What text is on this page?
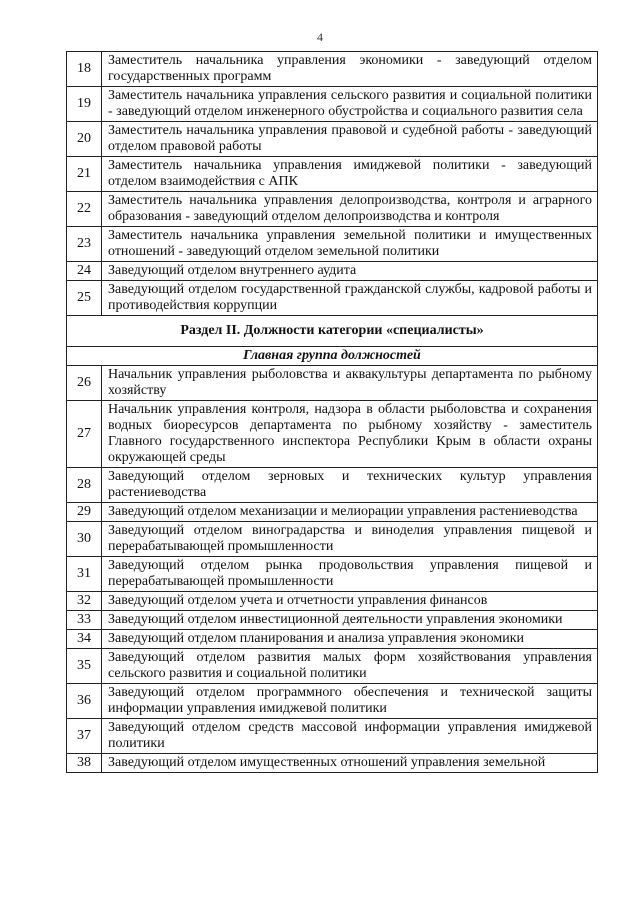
4
18	Заместитель начальника управления экономики - заведующий отделом государственных программ
19	Заместитель начальника управления сельского развития и социальной политики - заведующий отделом инженерного обустройства и социального развития села
20	Заместитель начальника управления правовой и судебной работы - заведующий отделом правовой работы
21	Заместитель начальника управления имиджевой политики - заведующий отделом взаимодействия с АПК
22	Заместитель начальника управления делопроизводства, контроля и аграрного образования - заведующий отделом делопроизводства и контроля
23	Заместитель начальника управления земельной политики и имущественных отношений - заведующий отделом земельной политики
24	Заведующий отделом внутреннего аудита
25	Заведующий отделом государственной гражданской службы, кадровой работы и противодействия коррупции
Раздел II. Должности категории «специалисты»	
Главная группа должностей	
26	Начальник управления рыболовства и аквакультуры департамента по рыбному хозяйству
27	Начальник управления контроля, надзора в области рыболовства и сохранения водных биоресурсов департамента по рыбному хозяйству - заместитель Главного государственного инспектора Республики Крым в области охраны окружающей среды
28	Заведующий отделом зерновых и технических культур управления растениеводства
29	Заведующий отделом механизации и мелиорации управления растениеводства
30	Заведующий отделом виноградарства и виноделия управления пищевой и перерабатывающей промышленности
31	Заведующий отделом рынка продовольствия управления пищевой и перерабатывающей промышленности
32	Заведующий отделом учета и отчетности управления финансов
33	Заведующий отделом инвестиционной деятельности управления экономики
34	Заведующий отделом планирования и анализа управления экономики
35	Заведующий отделом развития малых форм хозяйствования управления сельского развития и социальной политики
36	Заведующий отделом программного обеспечения и технической защиты информации управления имиджевой политики
37	Заведующий отделом средств массовой информации управления имиджевой политики
38	Заведующий отделом имущественных отношений управления земельной
